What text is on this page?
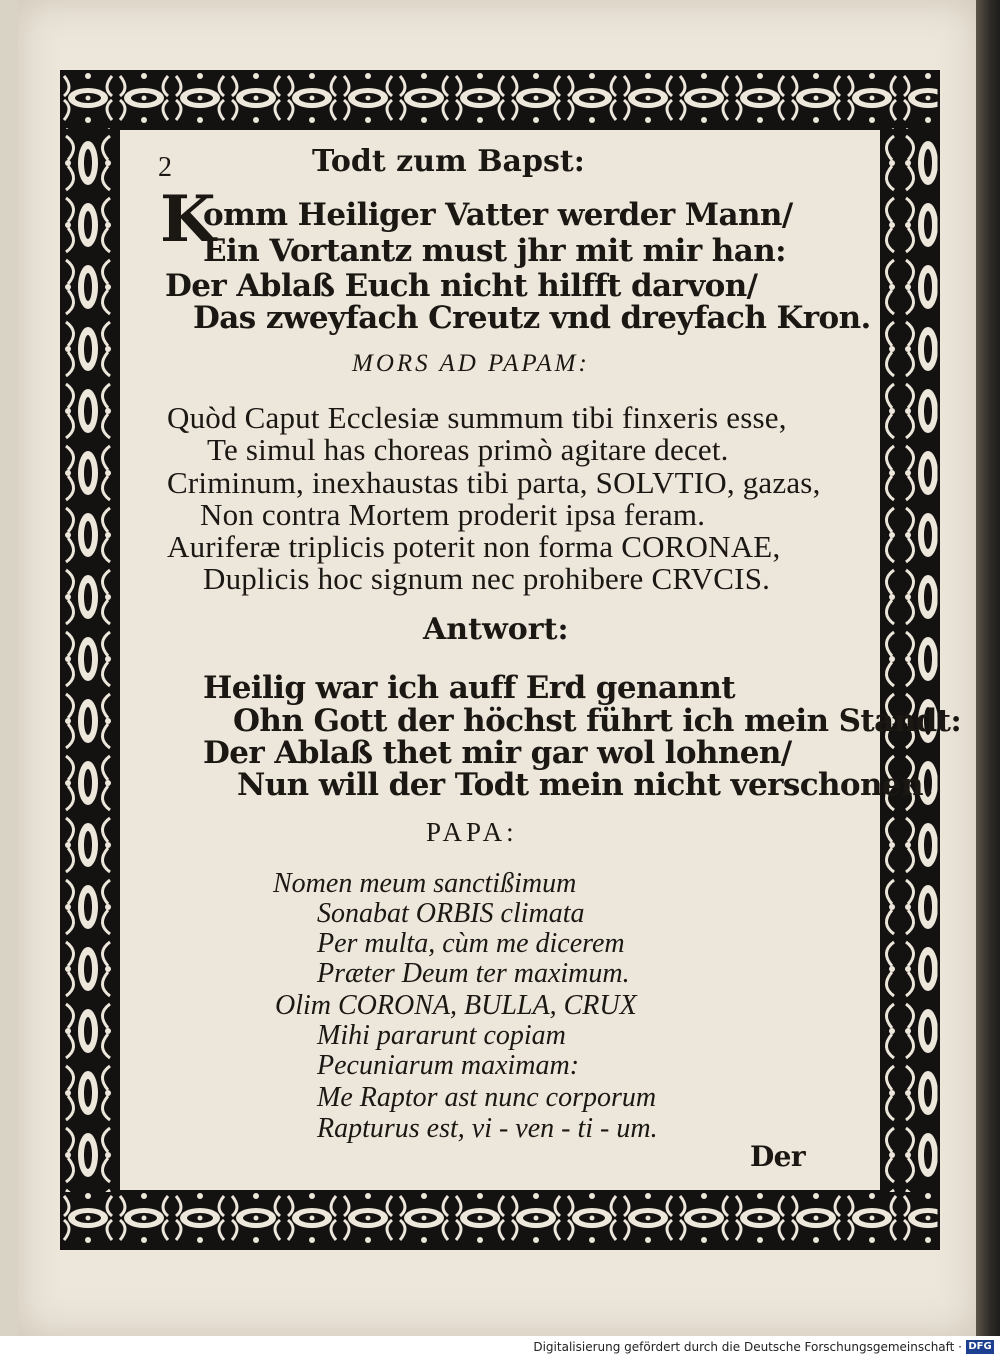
2	Todt zum Bapst:
K
omm Heiliger Vatter werder Mann/
Ein Vortantz must jhr mit mir han:
Der Ablaß Euch nicht hilfft darvon/
Das zweyfach Creutz vnd dreyfach Kron.
MORS AD PAPAM:
Quòd Caput Ecclesiæ summum tibi finxeris esse,
Te simul has choreas primò agitare decet.
Criminum, inexhaustas tibi parta, SOLVTIO, gazas,
Non contra Mortem proderit ipsa feram.
Auriferæ triplicis poterit non forma CORONAE,
Duplicis hoc signum nec prohibere CRVCIS.
Antwort:
Heilig war ich auff Erd genannt
Ohn Gott der höchst führt ich mein Standt:
Der Ablaß thet mir gar wol lohnen/
Nun will der Todt mein nicht verschonen.
PAPA:
Nomen meum sanctißimum
Sonabat ORBIS climata
Per multa, cùm me dicerem
Præter Deum ter maximum.
Olim CORONA, BULLA, CRUX
Mihi pararunt copiam
Pecuniarum maximam:
Me Raptor ast nunc corporum
Rapturus est, vi - ven - ti - um.
Der
Digitalisierung gefördert durch die Deutsche Forschungsgemeinschaft · DFG
